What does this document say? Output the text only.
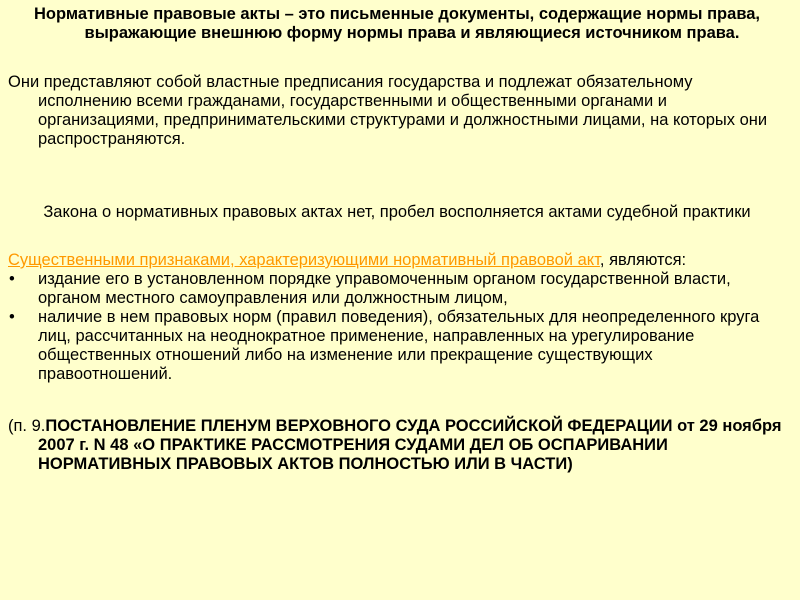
Нормативные правовые акты – это письменные документы, содержащие нормы права, выражающие внешнюю форму нормы права и являющиеся источником права.

Они представляют собой властные предписания государства и подлежат обязательному исполнению всеми гражданами, государственными и общественными органами и организациями, предпринимательскими структурами и должностными лицами, на которых они распространяются.

Закона о нормативных правовых актах нет, пробел восполняется актами судебной практики

Существенными признаками, характеризующими нормативный правовой акт, являются:

• издание его в установленном порядке управомоченным органом государственной власти, органом местного самоуправления или должностным лицом,
• наличие в нем правовых норм (правил поведения), обязательных для неопределенного круга лиц, рассчитанных на неоднократное применение, направленных на урегулирование общественных отношений либо на изменение или прекращение существующих правоотношений.

(п. 9.ПОСТАНОВЛЕНИЕ ПЛЕНУМ ВЕРХОВНОГО СУДА РОССИЙСКОЙ ФЕДЕРАЦИИ от 29 ноября 2007 г. N 48 «О ПРАКТИКЕ РАССМОТРЕНИЯ СУДАМИ ДЕЛ ОБ ОСПАРИВАНИИ НОРМАТИВНЫХ ПРАВОВЫХ АКТОВ ПОЛНОСТЬЮ ИЛИ В ЧАСТИ)
